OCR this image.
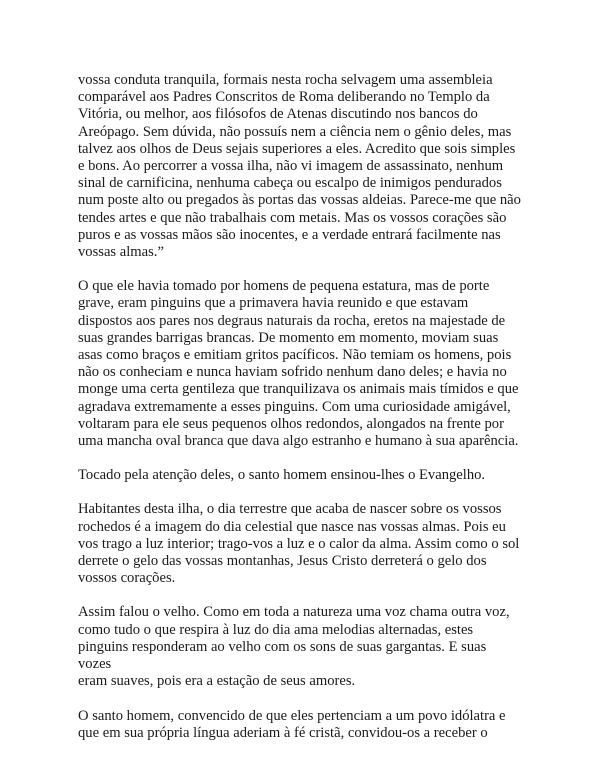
vossa conduta tranquila, formais nesta rocha selvagem uma assembleia
comparável aos Padres Conscritos de Roma deliberando no Templo da
Vitória, ou melhor, aos filósofos de Atenas discutindo nos bancos do
Areópago. Sem dúvida, não possuís nem a ciência nem o gênio deles, mas
talvez aos olhos de Deus sejais superiores a eles. Acredito que sois simples
e bons. Ao percorrer a vossa ilha, não vi imagem de assassinato, nenhum
sinal de carnificina, nenhuma cabeça ou escalpo de inimigos pendurados
num poste alto ou pregados às portas das vossas aldeias. Parece-me que não
tendes artes e que não trabalhais com metais. Mas os vossos corações são
puros e as vossas mãos são inocentes, e a verdade entrará facilmente nas
vossas almas.”

O que ele havia tomado por homens de pequena estatura, mas de porte
grave, eram pinguins que a primavera havia reunido e que estavam
dispostos aos pares nos degraus naturais da rocha, eretos na majestade de
suas grandes barrigas brancas. De momento em momento, moviam suas
asas como braços e emitiam gritos pacíficos. Não temiam os homens, pois
não os conheciam e nunca haviam sofrido nenhum dano deles; e havia no
monge uma certa gentileza que tranquilizava os animais mais tímidos e que
agradava extremamente a esses pinguins. Com uma curiosidade amigável,
voltaram para ele seus pequenos olhos redondos, alongados na frente por
uma mancha oval branca que dava algo estranho e humano à sua aparência.

Tocado pela atenção deles, o santo homem ensinou-lhes o Evangelho.

Habitantes desta ilha, o dia terrestre que acaba de nascer sobre os vossos
rochedos é a imagem do dia celestial que nasce nas vossas almas. Pois eu
vos trago a luz interior; trago-vos a luz e o calor da alma. Assim como o sol
derrete o gelo das vossas montanhas, Jesus Cristo derreterá o gelo dos
vossos corações.

Assim falou o velho. Como em toda a natureza uma voz chama outra voz,
como tudo o que respira à luz do dia ama melodias alternadas, estes
pinguins responderam ao velho com os sons de suas gargantas. E suas vozes
eram suaves, pois era a estação de seus amores.

O santo homem, convencido de que eles pertenciam a um povo idólatra e
que em sua própria língua aderiam à fé cristã, convidou-os a receber o
